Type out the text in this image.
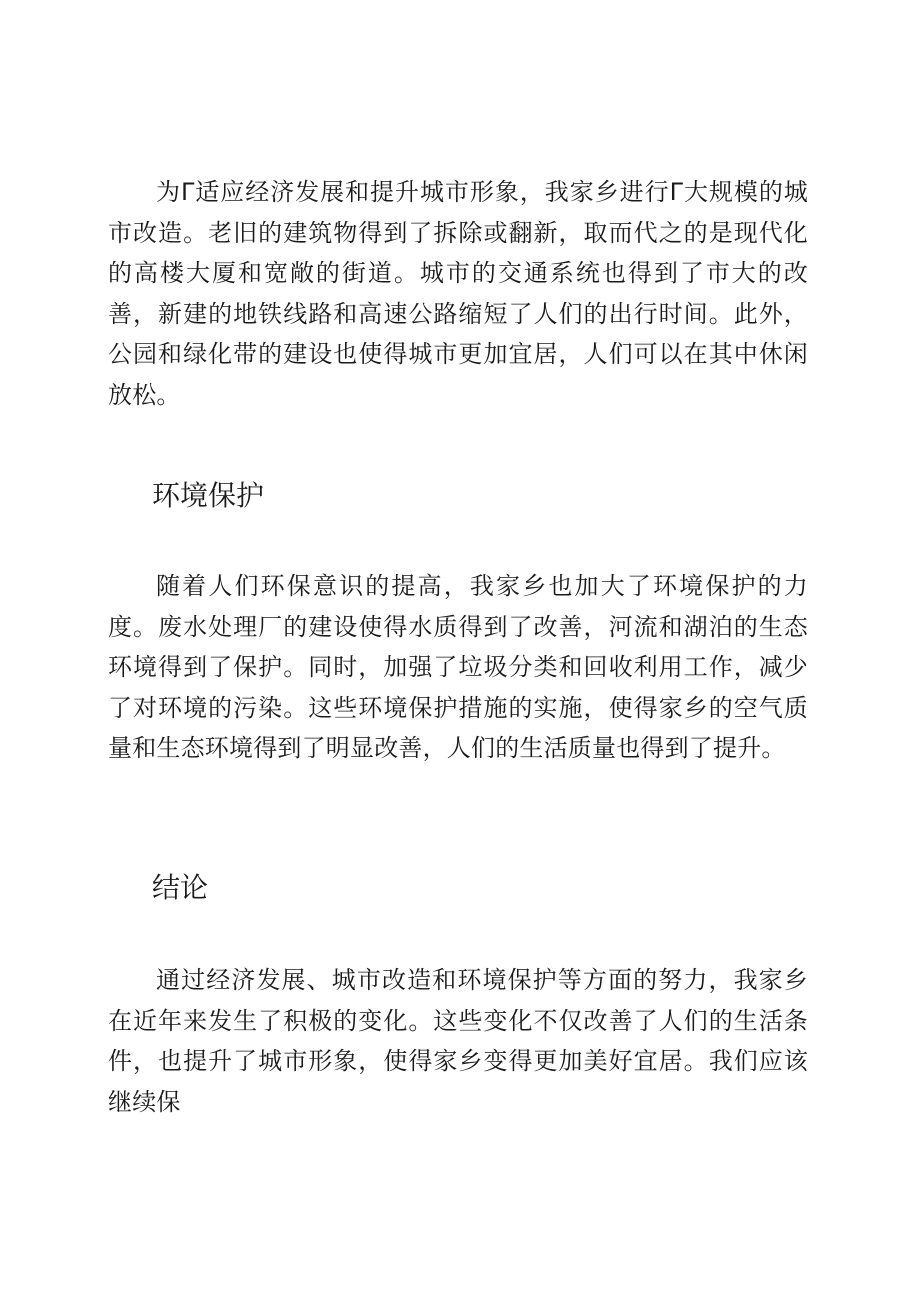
为Γ适应经济发展和提升城市形象，我家乡进行Γ大规模的城市改造。老旧的建筑物得到了拆除或翻新，取而代之的是现代化的高楼大厦和宽敞的街道。城市的交通系统也得到了市大的改善，新建的地铁线路和高速公路缩短了人们的出行时间。此外，公园和绿化带的建设也使得城市更加宜居，人们可以在其中休闲放松。

环境保护

随着人们环保意识的提高，我家乡也加大了环境保护的力度。废水处理厂的建设使得水质得到了改善，河流和湖泊的生态环境得到了保护。同时，加强了垃圾分类和回收利用工作，减少了对环境的污染。这些环境保护措施的实施，使得家乡的空气质量和生态环境得到了明显改善，人们的生活质量也得到了提升。

结论

通过经济发展、城市改造和环境保护等方面的努力，我家乡在近年来发生了积极的变化。这些变化不仅改善了人们的生活条件，也提升了城市形象，使得家乡变得更加美好宜居。我们应该继续保
